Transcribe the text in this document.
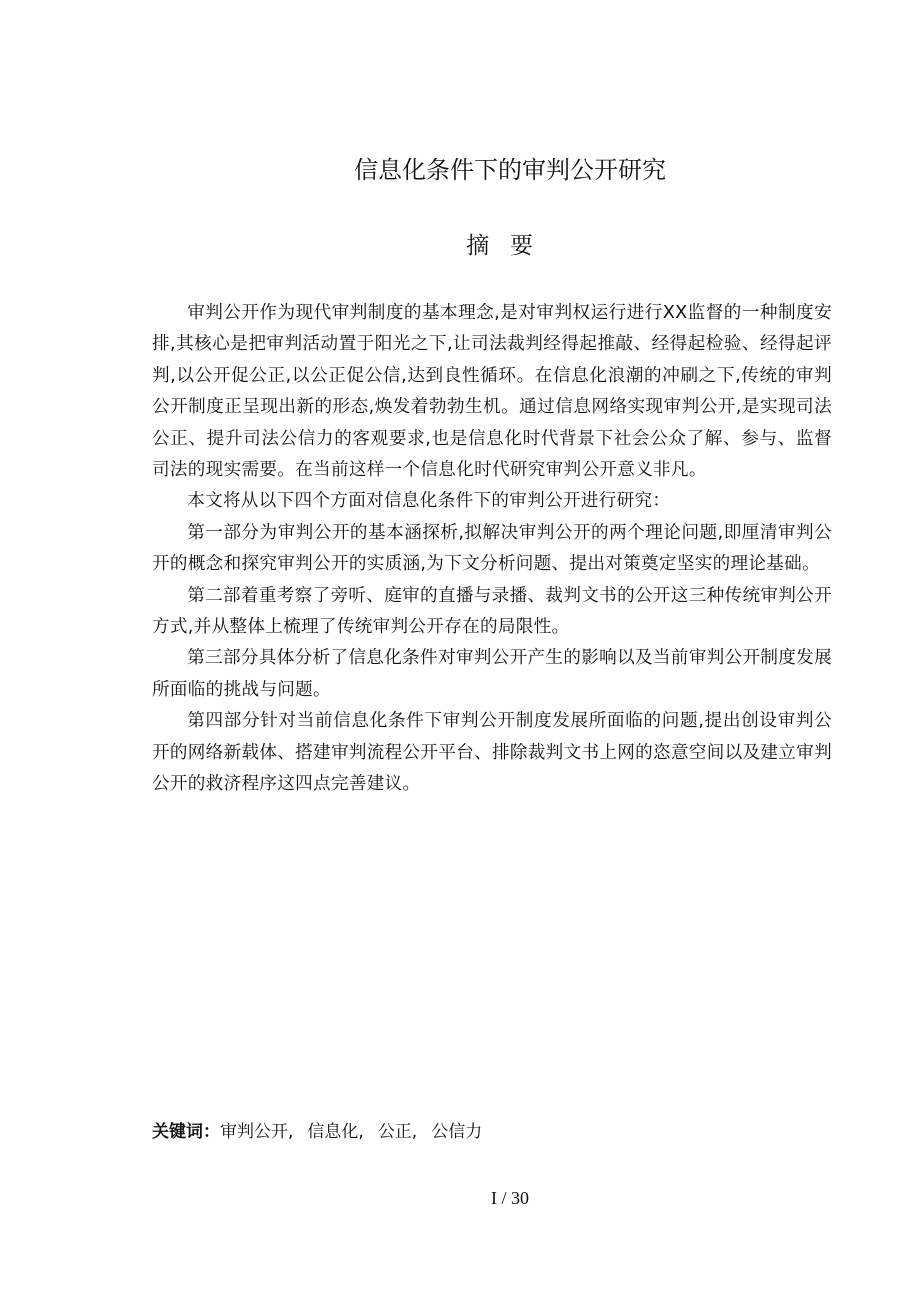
信息化条件下的审判公开研究
摘要

审判公开作为现代审判制度的基本理念,是对审判权运行进行XX监督的一种制度安排,其核心是把审判活动置于阳光之下,让司法裁判经得起推敲、经得起检验、经得起评判,以公开促公正,以公正促公信,达到良性循环。在信息化浪潮的冲刷之下,传统的审判公开制度正呈现出新的形态,焕发着勃勃生机。通过信息网络实现审判公开,是实现司法公正、提升司法公信力的客观要求,也是信息化时代背景下社会公众了解、参与、监督司法的现实需要。在当前这样一个信息化时代研究审判公开意义非凡。

本文将从以下四个方面对信息化条件下的审判公开进行研究：

第一部分为审判公开的基本涵探析,拟解决审判公开的两个理论问题,即厘清审判公开的概念和探究审判公开的实质涵,为下文分析问题、提出对策奠定坚实的理论基础。

第二部着重考察了旁听、庭审的直播与录播、裁判文书的公开这三种传统审判公开方式,并从整体上梳理了传统审判公开存在的局限性。

第三部分具体分析了信息化条件对审判公开产生的影响以及当前审判公开制度发展所面临的挑战与问题。

第四部分针对当前信息化条件下审判公开制度发展所面临的问题,提出创设审判公开的网络新载体、搭建审判流程公开平台、排除裁判文书上网的恣意空间以及建立审判公开的救济程序这四点完善建议。

关键词：审判公开, 信息化, 公正, 公信力
I / 30
